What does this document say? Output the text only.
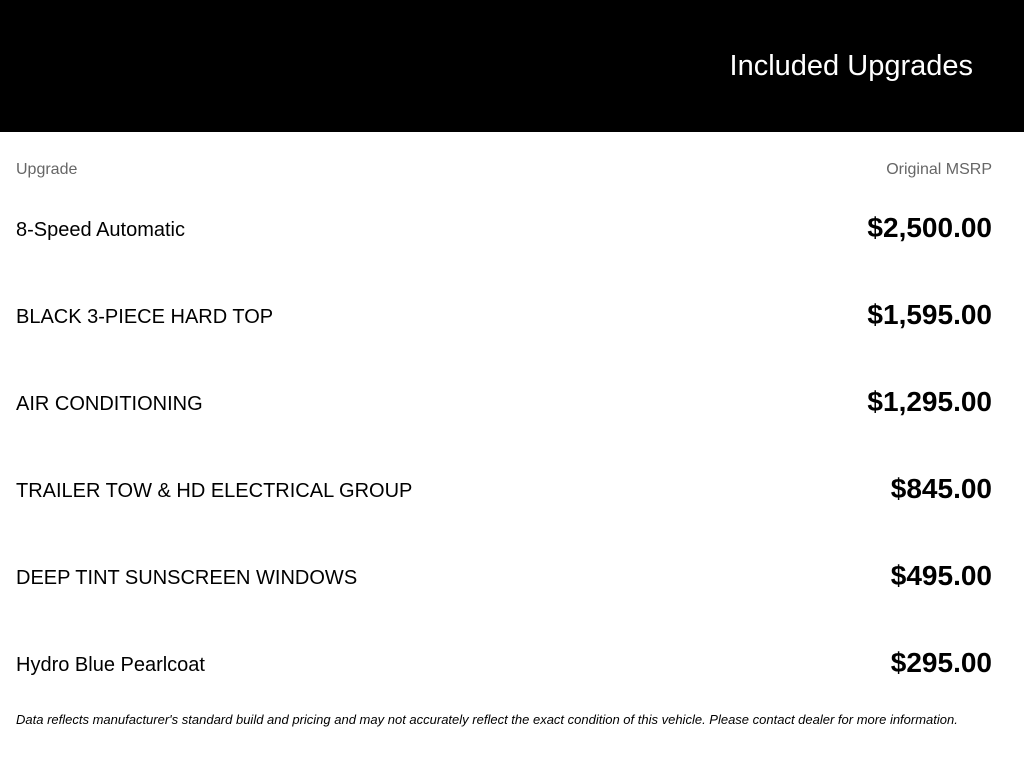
Included Upgrades
Upgrade	Original MSRP
8-Speed Automatic	$2,500.00
BLACK 3-PIECE HARD TOP	$1,595.00
AIR CONDITIONING	$1,295.00
TRAILER TOW & HD ELECTRICAL GROUP	$845.00
DEEP TINT SUNSCREEN WINDOWS	$495.00
Hydro Blue Pearlcoat	$295.00
Data reflects manufacturer's standard build and pricing and may not accurately reflect the exact condition of this vehicle. Please contact dealer for more information.
